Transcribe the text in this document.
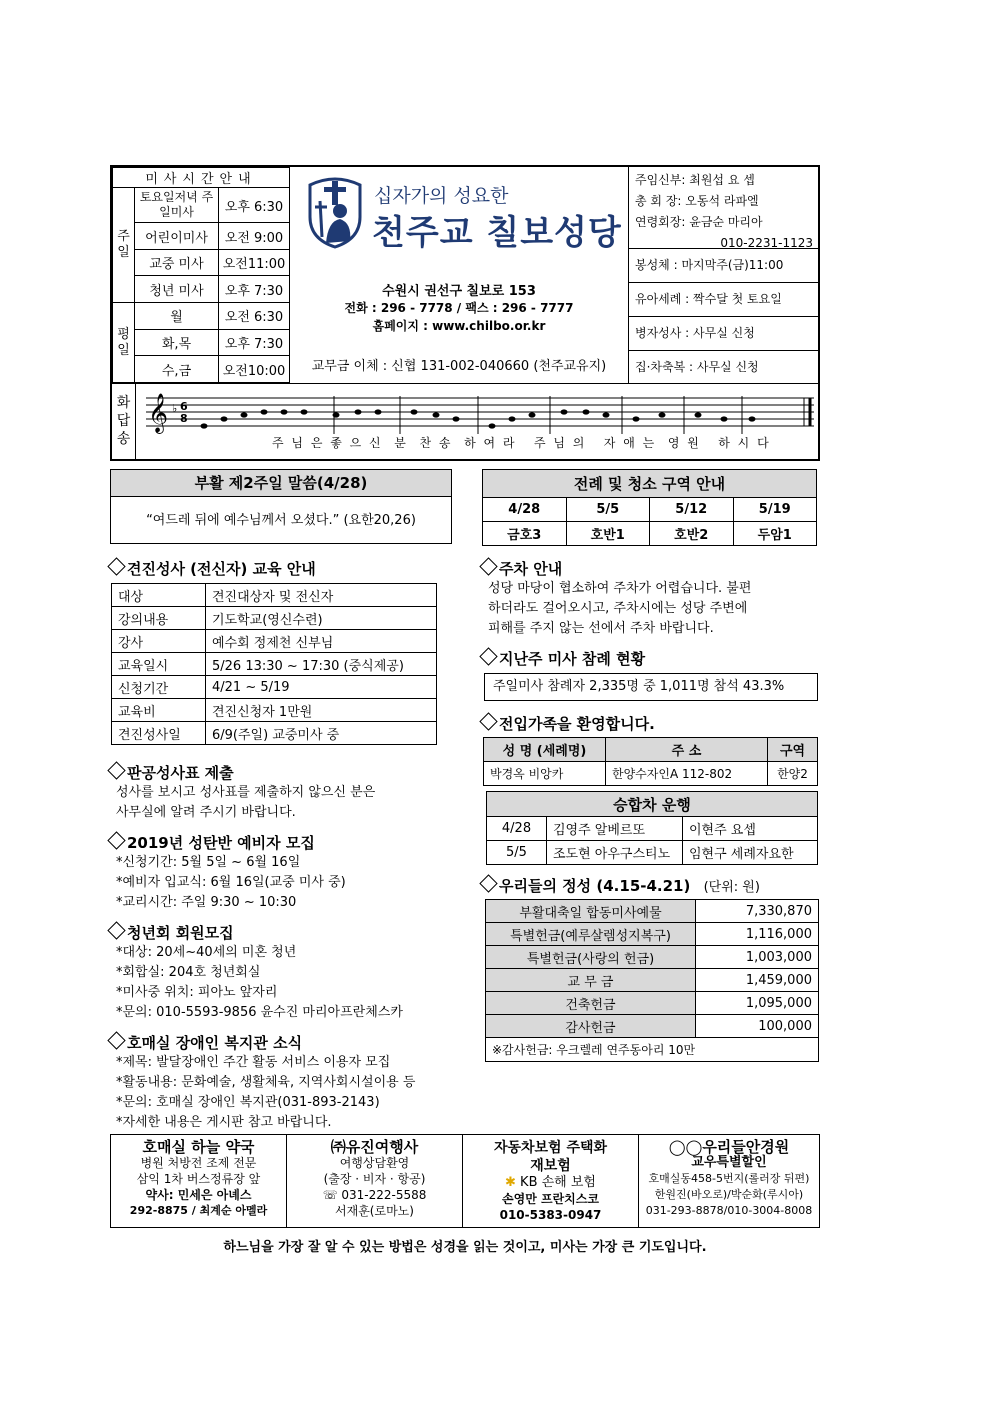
미사시간안내		
주일	토요일저녁 주일미사	오후 6:30
	어린이미사	오전 9:00
	교중 미사	오전11:00
	청년 미사	오후 7:30
평일	월	오전 6:30
	화,목	오후 7:30
	수,금	오전10:00
십자가의 성요한
천주교 칠보성당
수원시 권선구 칠보로 153
전화 : 296 - 7778 / 팩스 : 296 - 7777
홈페이지 : www.chilbo.or.kr
교무금 이체 : 신협 131-002-040660 (천주교유지)
주임신부: 최원섭 요 셉
총 회 장: 오동석 라파엘
연령회장: 윤금순 마리아
010-2231-1123
봉성체 : 마지막주(금)11:00
유아세례 : 짝수달 첫 토요일
병자성사 : 사무실 신청
집·차축복 : 사무실 신청
화답송
𝄞 ♭ 6
8
주 님 은 좋 으 신  분  찬 송  하 여 라   주 님 의   자 애 는  영 원   하 시 다
부활 제2주일 말씀(4/28)
“여드레 뒤에 예수님께서 오셨다.” (요한20,26)
견진성사 (전신자) 교육 안내
대상	견진대상자 및 전신자
강의내용	기도학교(영신수련)
강사	예수회 정제천 신부님
교육일시	5/26 13:30 ~ 17:30 (중식제공)
신청기간	4/21 ~ 5/19
교육비	견진신청자 1만원
견진성사일	6/9(주일) 교중미사 중
판공성사표 제출
성사를 보시고 성사표를 제출하지 않으신 분은
사무실에 알려 주시기 바랍니다.
2019년 성탄반 예비자 모집
*신청기간: 5월 5일 ~ 6월 16일
*예비자 입교식: 6월 16일(교중 미사 중)
*교리시간: 주일 9:30 ~ 10:30
청년회 회원모집
*대상: 20세~40세의 미혼 청년
*회합실: 204호 청년회실
*미사중 위치: 피아노 앞자리
*문의: 010-5593-9856 윤수진 마리아프란체스카
호매실 장애인 복지관 소식
*제목: 발달장애인 주간 활동 서비스 이용자 모집
*활동내용: 문화예술, 생활체육, 지역사회시설이용 등
*문의: 호매실 장애인 복지관(031-893-2143)
*자세한 내용은 게시판 참고 바랍니다.
전례 및 청소 구역 안내			
4/28	5/5	5/12	5/19
금호3	호반1	호반2	두암1
주차 안내
성당 마당이 협소하여 주차가 어렵습니다. 불편
하더라도 걸어오시고, 주차시에는 성당 주변에
피해를 주지 않는 선에서 주차 바랍니다.
지난주 미사 참례 현황
주일미사 참례자 2,335명 중 1,011명 참석 43.3%
전입가족을 환영합니다.
성 명 (세례명)	주 소	구역
박경옥 비앙카	한양수자인A 112-802	한양2
승합차 운행		
4/28	김영주 알베르또	이현주 요셉
5/5	조도현 아우구스티노	임현구 세례자요한
우리들의 정성 (4.15-4.21) (단위: 원)
부활대축일 합동미사예물	7,330,870
특별헌금(예루살렘성지복구)	1,116,000
특별헌금(사랑의 헌금)	1,003,000
교 무 금	1,459,000
건축헌금	1,095,000
감사헌금	100,000
※감사헌금: 우크렐레 연주동아리 10만	
호매실 하늘 약국
병원 처방전 조제 전문
삼익 1차 버스정류장 앞
약사: 민세은 아녜스
292-8875 / 최계순 아멜라

㈜유진여행사
여행상담환영
(출장 · 비자 · 항공)
☏ 031-222-5588
서재훈(로마노)

자동차보험 주택화재보험
✱ KB 손해 보험
손영만 프란치스코
010-5383-0947

◯◯우리들안경원
교우특별할인
호매실동458-5번지(롤러장 뒤편)
한원진(바오로)/박순화(루시아)
031-293-8878/010-3004-8008
하느님을 가장 잘 알 수 있는 방법은 성경을 읽는 것이고, 미사는 가장 큰 기도입니다.
